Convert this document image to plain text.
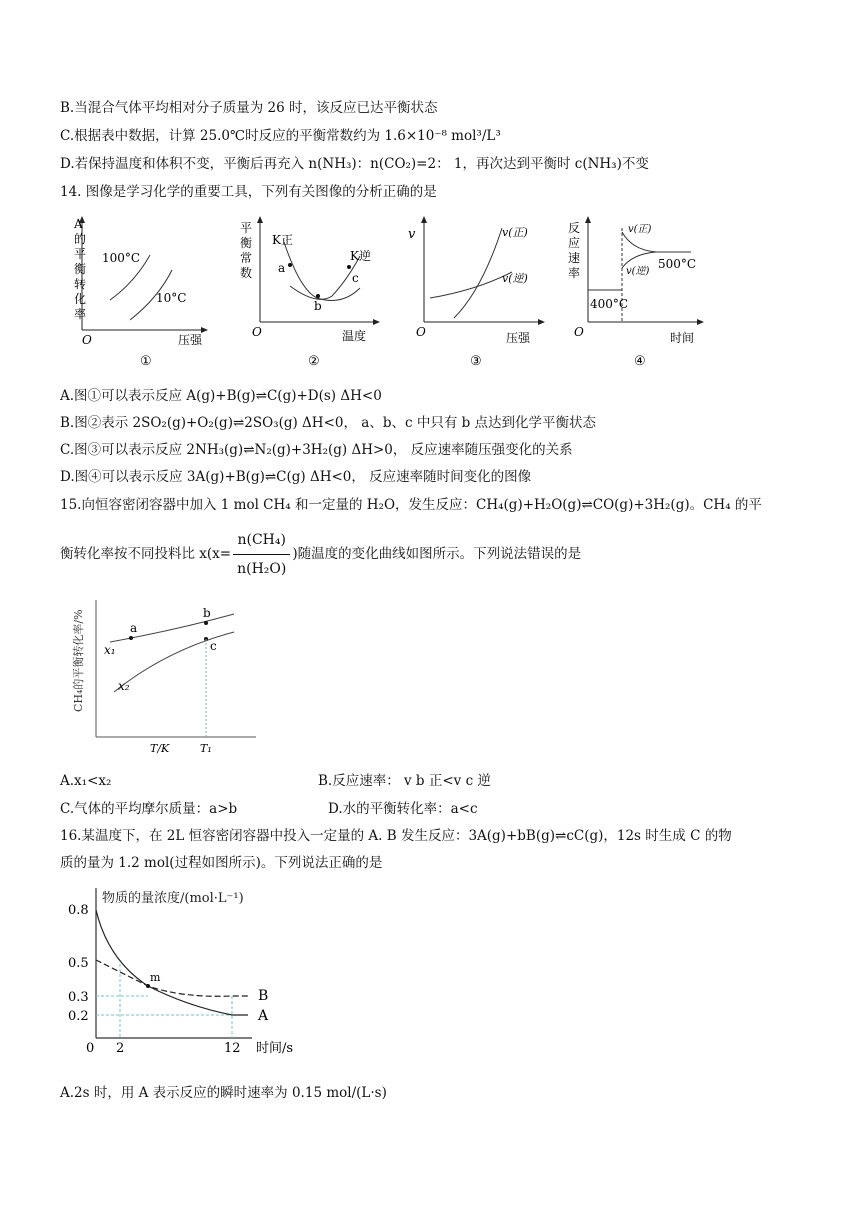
B.当混合气体平均相对分子质量为 26 时，该反应已达平衡状态
C.根据表中数据，计算 25.0℃时反应的平衡常数约为 1.6×10⁻⁸ mol³/L³
D.若保持温度和体积不变，平衡后再充入 n(NH₃)：n(CO₂)=2： 1，再次达到平衡时 c(NH₃)不变
14. 图像是学习化学的重要工具，下列有关图像的分析正确的是
A
的
平
衡
转
化
率
100°C
10°C
O	压强
①
平
衡
常
数
K正
K逆
a
b
c
O	温度
②
v	v(正)
v(逆)
O	压强
③
反
应
速
率
v(正)
v(逆)
400°C
500°C
O	时间
④
A.图①可以表示反应 A(g)+B(g)⇌C(g)+D(s) ΔH<0
B.图②表示 2SO₂(g)+O₂(g)⇌2SO₃(g) ΔH<0， a、b、c 中只有 b 点达到化学平衡状态
C.图③可以表示反应 2NH₃(g)⇌N₂(g)+3H₂(g) ΔH>0， 反应速率随压强变化的关系
D.图④可以表示反应 3A(g)+B(g)⇌C(g) ΔH<0， 反应速率随时间变化的图像
15.向恒容密闭容器中加入 1 mol CH₄ 和一定量的 H₂O，发生反应：CH₄(g)+H₂O(g)⇌CO(g)+3H₂(g)。CH₄ 的平
衡转化率按不同投料比 $x(x= \frac{\text{n(CH₄)}}{\text{n(H₂O)}}$ )随温度的变化曲线如图所示。下列说法错误的是
CH₄的平衡转化率/%	a
b
c
x₁
x₂
T/K	T₁
A.x₁<x₂	B.反应速率： v b 正<v c 逆
C.气体的平均摩尔质量：a>b	D.水的平衡转化率：a<c
16.某温度下，在 2L 恒容密闭容器中投入一定量的 A. B 发生反应：3A(g)+bB(g)⇌cC(g)，12s 时生成 C 的物
质的量为 1.2 mol(过程如图所示)。下列说法正确的是
物质的量浓度/(mol·L⁻¹)
0.8
0.5
0.3
0.2
0 2	12 时间/s
m
B
A
A.2s 时，用 A 表示反应的瞬时速率为 0.15 mol/(L·s)
